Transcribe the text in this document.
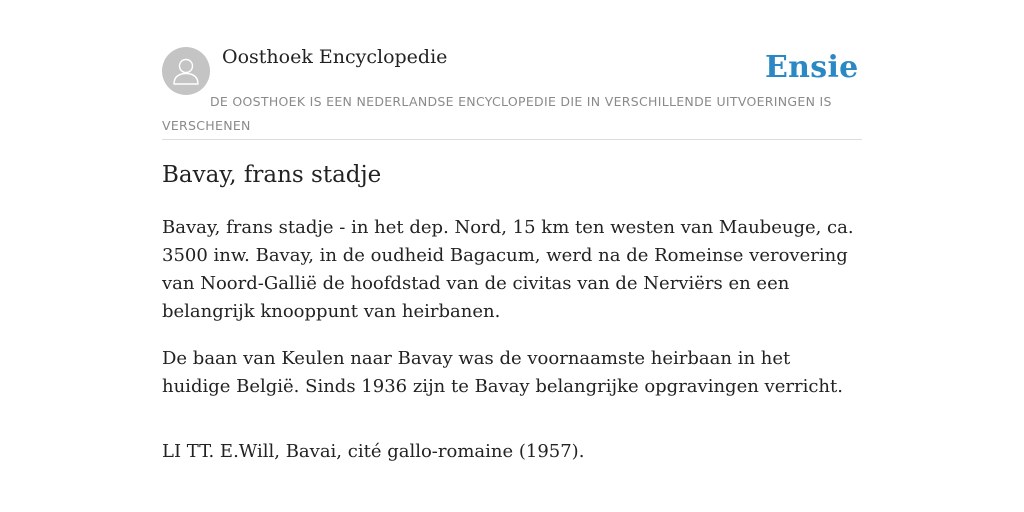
Oosthoek Encyclopedie	Ensie
DE OOSTHOEK IS EEN NEDERLANDSE ENCYCLOPEDIE DIE IN VERSCHILLENDE UITVOERINGEN IS VERSCHENEN
Bavay, frans stadje

Bavay, frans stadje - in het dep. Nord, 15 km ten westen van Maubeuge, ca. 3500 inw. Bavay, in de oudheid Bagacum, werd na de Romeinse verovering van Noord-Gallië de hoofdstad van de civitas van de Nerviërs en een belangrijk knooppunt van heirbanen.

De baan van Keulen naar Bavay was de voornaamste heirbaan in het huidige België. Sinds 1936 zijn te Bavay belangrijke opgravingen verricht.

LI TT. E.Will, Bavai, cité gallo-romaine (1957).
